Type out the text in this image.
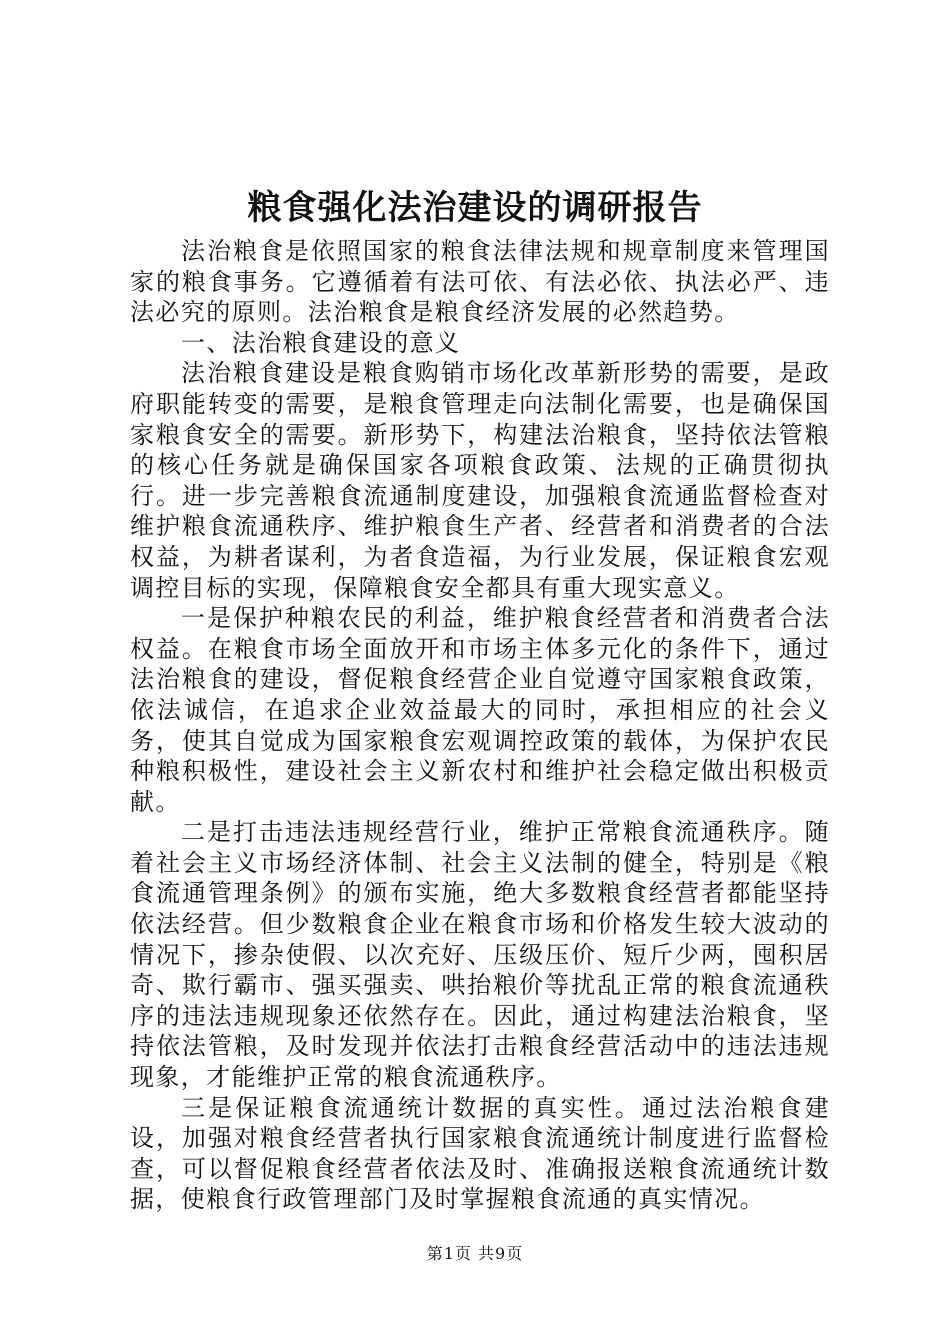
粮食强化法治建设的调研报告

法治粮食是依照国家的粮食法律法规和规章制度来管理国家的粮食事务。它遵循着有法可依、有法必依、执法必严、违法必究的原则。法治粮食是粮食经济发展的必然趋势。

一、法治粮食建设的意义

法治粮食建设是粮食购销市场化改革新形势的需要，是政府职能转变的需要，是粮食管理走向法制化需要，也是确保国家粮食安全的需要。新形势下，构建法治粮食，坚持依法管粮的核心任务就是确保国家各项粮食政策、法规的正确贯彻执行。进一步完善粮食流通制度建设，加强粮食流通监督检查对维护粮食流通秩序、维护粮食生产者、经营者和消费者的合法权益，为耕者谋利，为者食造福，为行业发展，保证粮食宏观调控目标的实现，保障粮食安全都具有重大现实意义。

一是保护种粮农民的利益，维护粮食经营者和消费者合法权益。在粮食市场全面放开和市场主体多元化的条件下，通过法治粮食的建设，督促粮食经营企业自觉遵守国家粮食政策，依法诚信，在追求企业效益最大的同时，承担相应的社会义务，使其自觉成为国家粮食宏观调控政策的载体，为保护农民种粮积极性，建设社会主义新农村和维护社会稳定做出积极贡献。

二是打击违法违规经营行业，维护正常粮食流通秩序。随着社会主义市场经济体制、社会主义法制的健全，特别是《粮食流通管理条例》的颁布实施，绝大多数粮食经营者都能坚持依法经营。但少数粮食企业在粮食市场和价格发生较大波动的情况下，掺杂使假、以次充好、压级压价、短斤少两，囤积居奇、欺行霸市、强买强卖、哄抬粮价等扰乱正常的粮食流通秩序的违法违规现象还依然存在。因此，通过构建法治粮食，坚持依法管粮，及时发现并依法打击粮食经营活动中的违法违规现象，才能维护正常的粮食流通秩序。

三是保证粮食流通统计数据的真实性。通过法治粮食建设，加强对粮食经营者执行国家粮食流通统计制度进行监督检查，可以督促粮食经营者依法及时、准确报送粮食流通统计数据，使粮食行政管理部门及时掌握粮食流通的真实情况。

第1页 共9页
